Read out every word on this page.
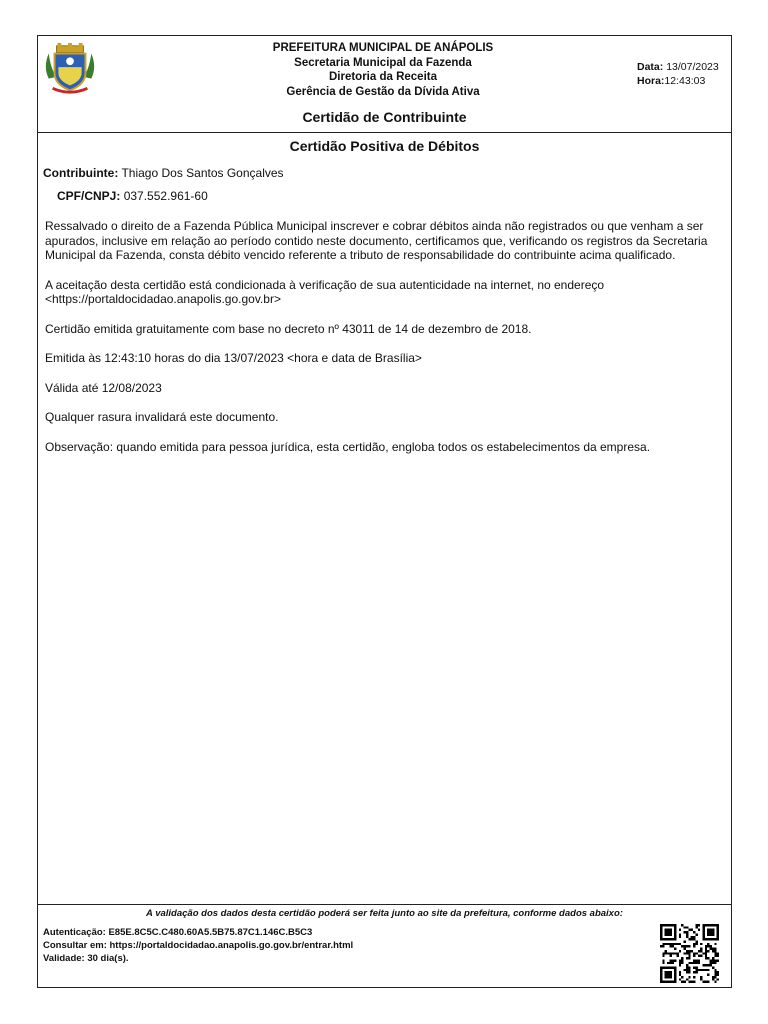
PREFEITURA MUNICIPAL DE ANÁPOLIS
Secretaria Municipal da Fazenda
Diretoria da Receita
Gerência de Gestão da Dívida Ativa
Data: 13/07/2023
Hora:12:43:03
Certidão de Contribuinte
Certidão Positiva de Débitos
Contribuinte: Thiago Dos Santos Gonçalves
CPF/CNPJ: 037.552.961-60

Ressalvado o direito de a Fazenda Pública Municipal inscrever e cobrar débitos ainda não registrados ou que venham a ser apurados, inclusive em relação ao período contido neste documento, certificamos que, verificando os registros da Secretaria Municipal da Fazenda, consta débito vencido referente a tributo de responsabilidade do contribuinte acima qualificado.

A aceitação desta certidão está condicionada à verificação de sua autenticidade na internet, no endereço <https://portaldocidadao.anapolis.go.gov.br>

Certidão emitida gratuitamente com base no decreto nº 43011 de 14 de dezembro de 2018.

Emitida às 12:43:10 horas do dia 13/07/2023 <hora e data de Brasília>

Válida até 12/08/2023

Qualquer rasura invalidará este documento.

Observação: quando emitida para pessoa jurídica, esta certidão, engloba todos os estabelecimentos da empresa.

A validação dos dados desta certidão poderá ser feita junto ao site da prefeitura, conforme dados abaixo:
Autenticação: E85E.8C5C.C480.60A5.5B75.87C1.146C.B5C3
Consultar em: https://portaldocidadao.anapolis.go.gov.br/entrar.html
Validade: 30 dia(s).
